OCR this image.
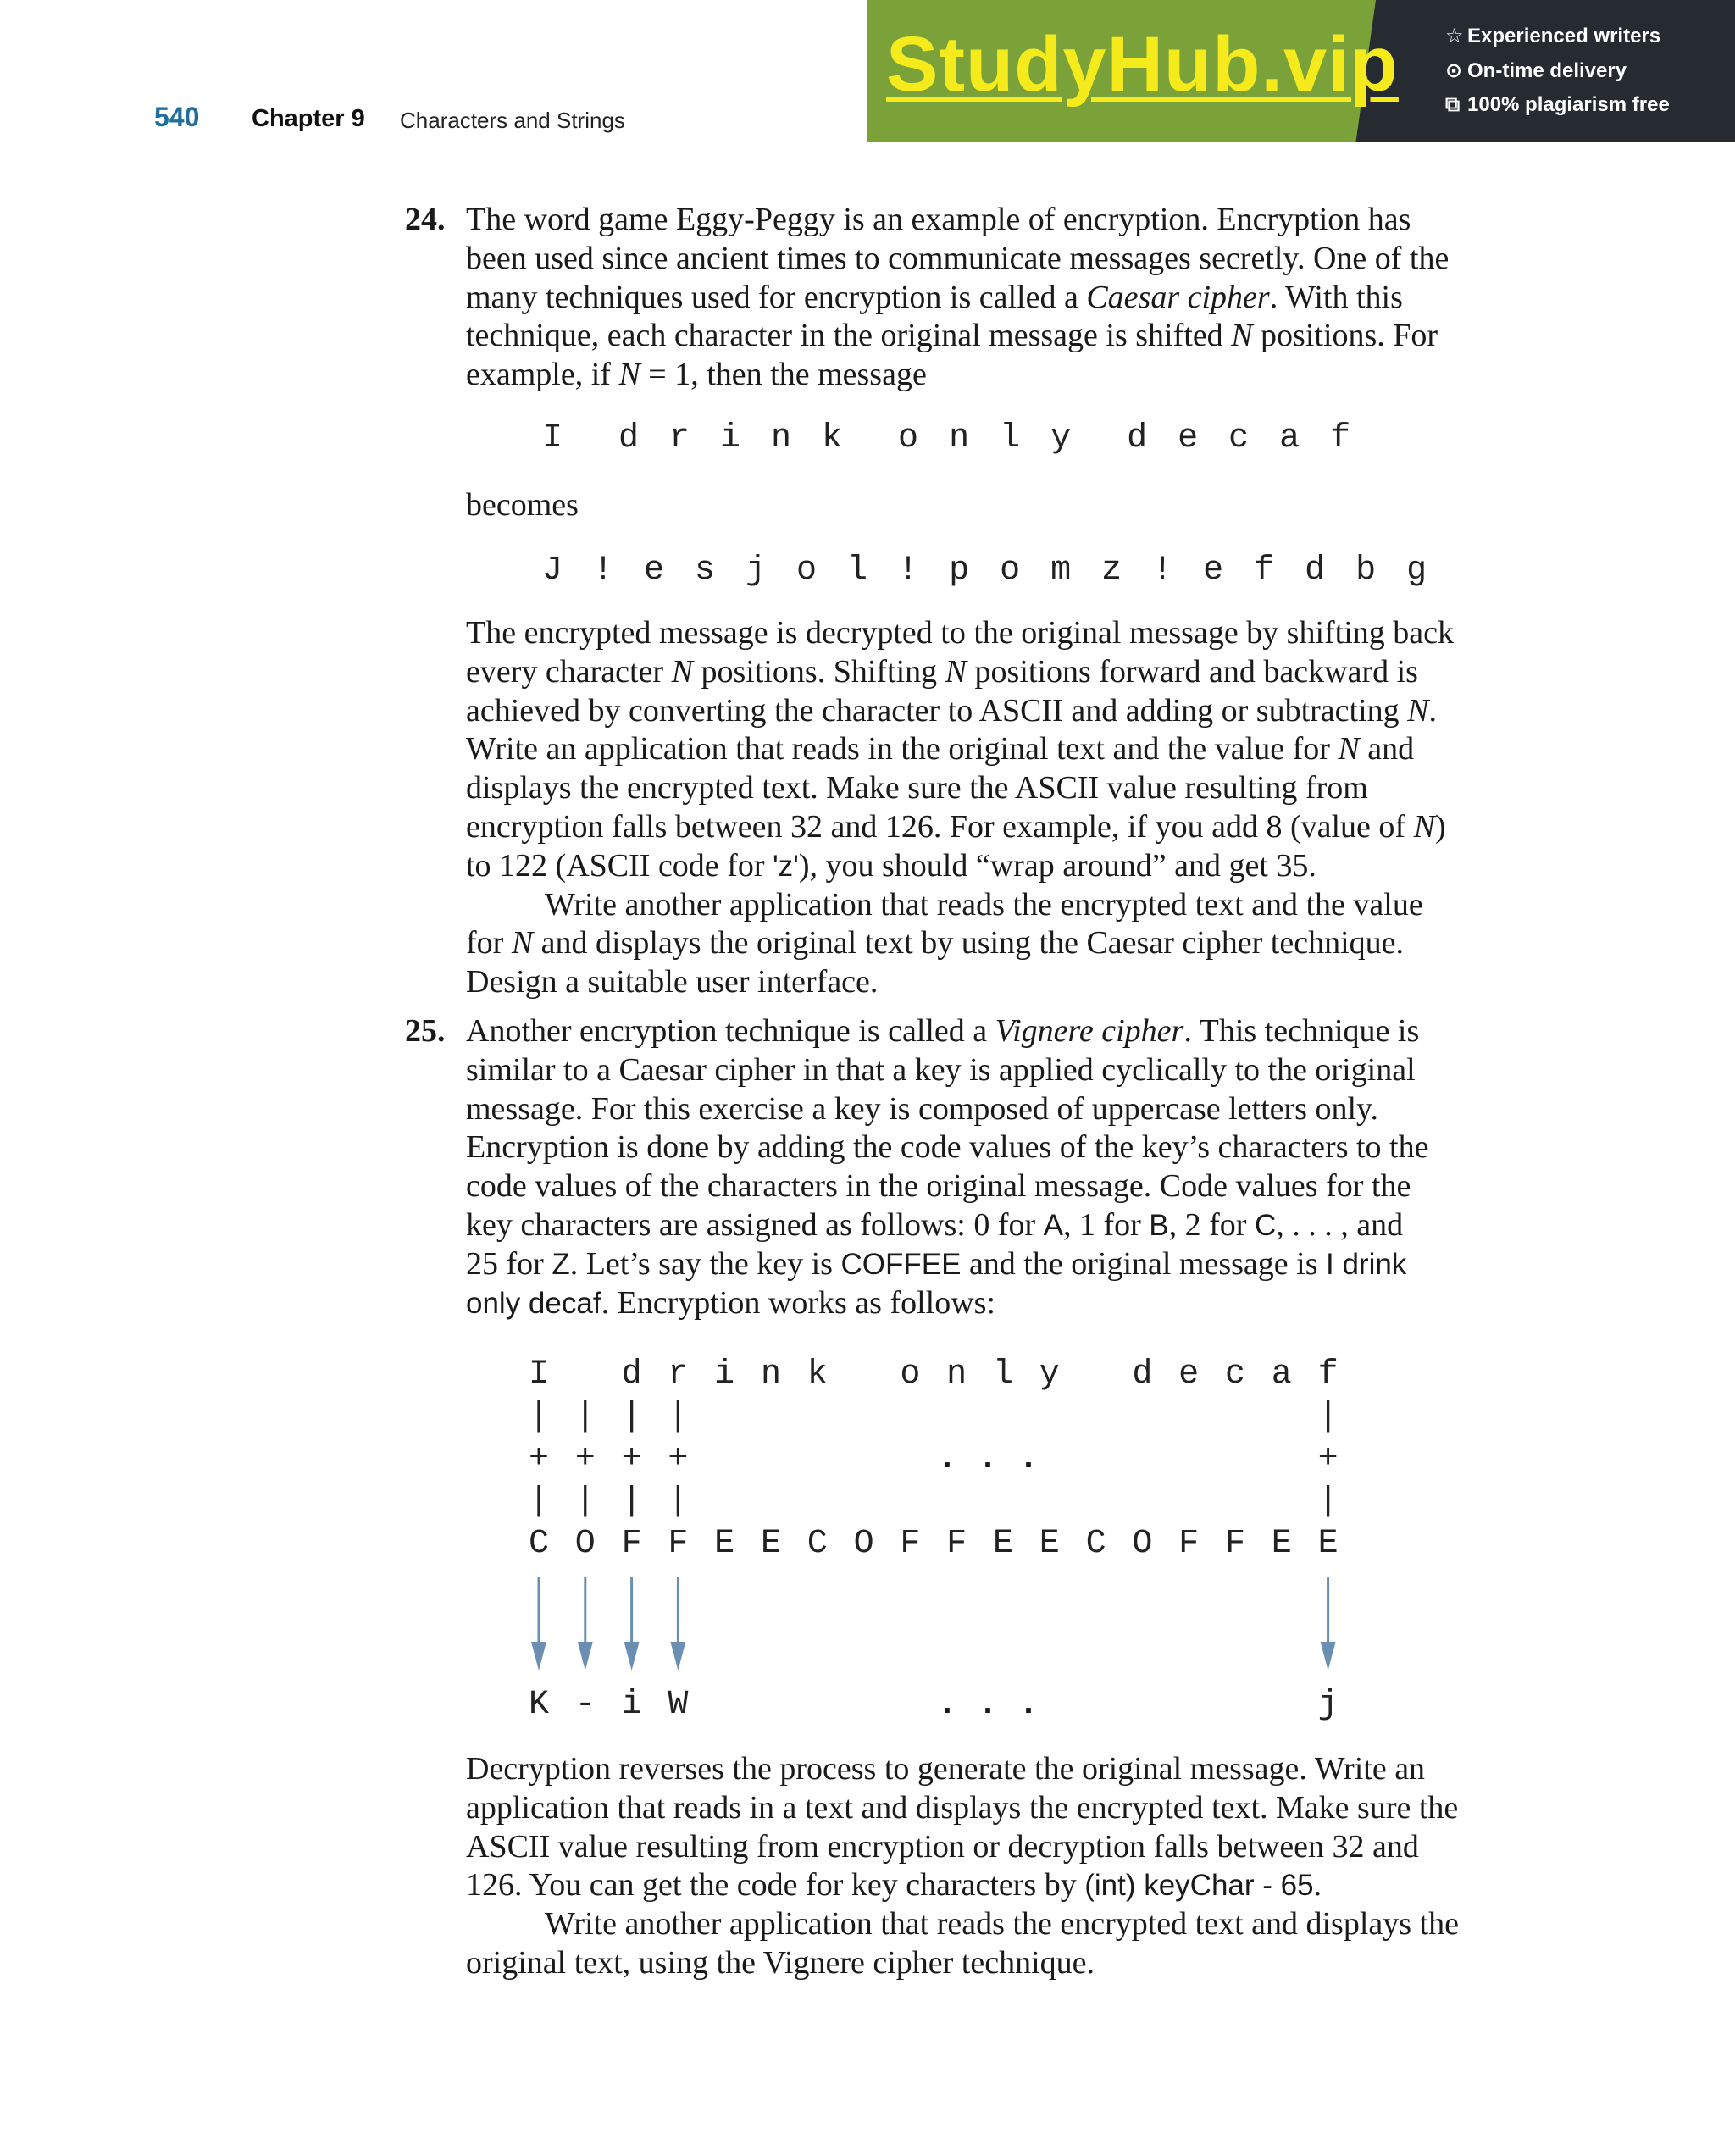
540 Chapter 9 Characters and Strings
StudyHub.vip ☆ Experienced writers
⊙ On-time delivery
⧉ 100% plagiarism free
24. The word game Eggy-Peggy is an example of encryption. Encryption has
been used since ancient times to communicate messages secretly. One of the
many techniques used for encryption is called a Caesar cipher. With this
technique, each character in the original message is shifted N positions. For
example, if N = 1, then the message
I  d r i n k  o n l y  d e c a f
becomes
J ! e s j o l ! p o m z ! e f d b g
The encrypted message is decrypted to the original message by shifting back
every character N positions. Shifting N positions forward and backward is
achieved by converting the character to ASCII and adding or subtracting N.
Write an application that reads in the original text and the value for N and
displays the encrypted text. Make sure the ASCII value resulting from
encryption falls between 32 and 126. For example, if you add 8 (value of N)
to 122 (ASCII code for 'z'), you should “wrap around” and get 35.
Write another application that reads the encrypted text and the value
for N and displays the original text by using the Caesar cipher technique.
Design a suitable user interface.
25. Another encryption technique is called a Vignere cipher. This technique is
similar to a Caesar cipher in that a key is applied cyclically to the original
message. For this exercise a key is composed of uppercase letters only.
Encryption is done by adding the code values of the key’s characters to the
code values of the characters in the original message. Code values for the
key characters are assigned as follows: 0 for A, 1 for B, 2 for C, . . . , and
25 for Z. Let’s say the key is COFFEE and the original message is I drink
only decaf. Encryption works as follows:
I d r i n k o n l y d e c a f
|
+
|
|
+
|
|
+
|
|
+
|
|
+
|
C O F F E E C O F F E E C O F F E E
K - i W	j
. . .
. . .
Decryption reverses the process to generate the original message. Write an
application that reads in a text and displays the encrypted text. Make sure the
ASCII value resulting from encryption or decryption falls between 32 and
126. You can get the code for key characters by (int) keyChar - 65.
Write another application that reads the encrypted text and displays the
original text, using the Vignere cipher technique.
